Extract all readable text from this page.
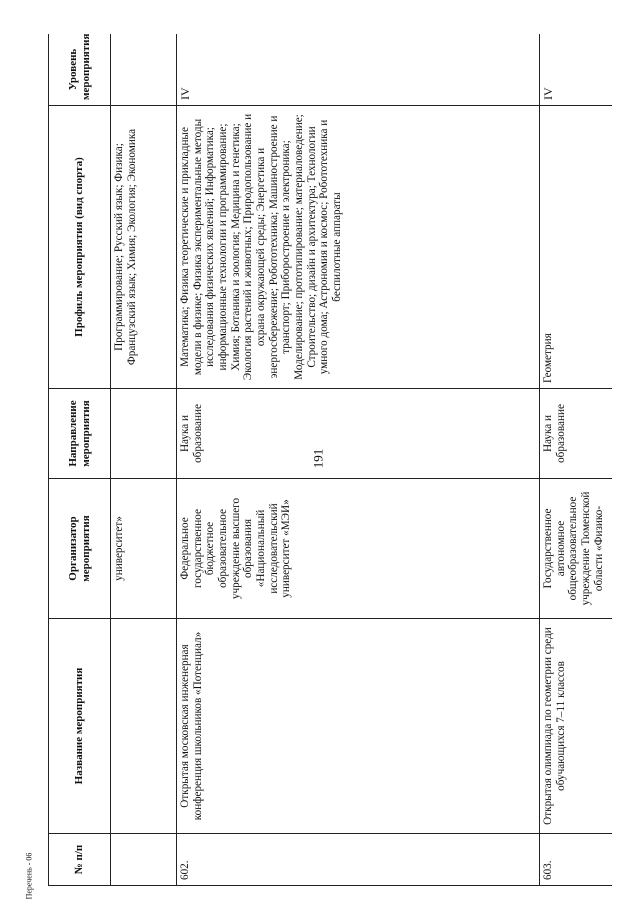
191
Перечень - 06	№ п/п	Название мероприятия	Организатор мероприятия	Направление мероприятия	Профиль мероприятия (вид спорта)	Уровень мероприятия
		университет»		Программирование; Русский язык; Физика; Французский язык; Химия; Экология; Экономика	
602.	Открытая московская инженерная конференция школьников «Потенциал»	Федеральное государственное бюджетное образовательное учреждение высшего образования «Национальный исследовательский университет «МЭИ»	Наука и образование	Математика; Физика теоретические и прикладные модели в физике; Физика экспериментальные методы исследования физических явлений; Информатика; информационные технологии и программирование; Химия; Ботаника и зоология; Медицина и генетика; Экология растений и животных; Природопользование и охрана окружающей среды; Энергетика и энергосбережение; Робототехника; Машиностроение и транспорт; Приборостроение и электроника; Моделирование; прототипирование; материаловедение; Строительство; дизайн и архитектура; Технологии умного дома; Астрономия и космос; Робототехника и беспилотные аппараты	IV
603.	Открытая олимпиада по геометрии среди обучающихся 7–11 классов	Государственное автономное общеобразовательное учреждение Тюменской области «Физико-	Наука и образование	Геометрия	IV
